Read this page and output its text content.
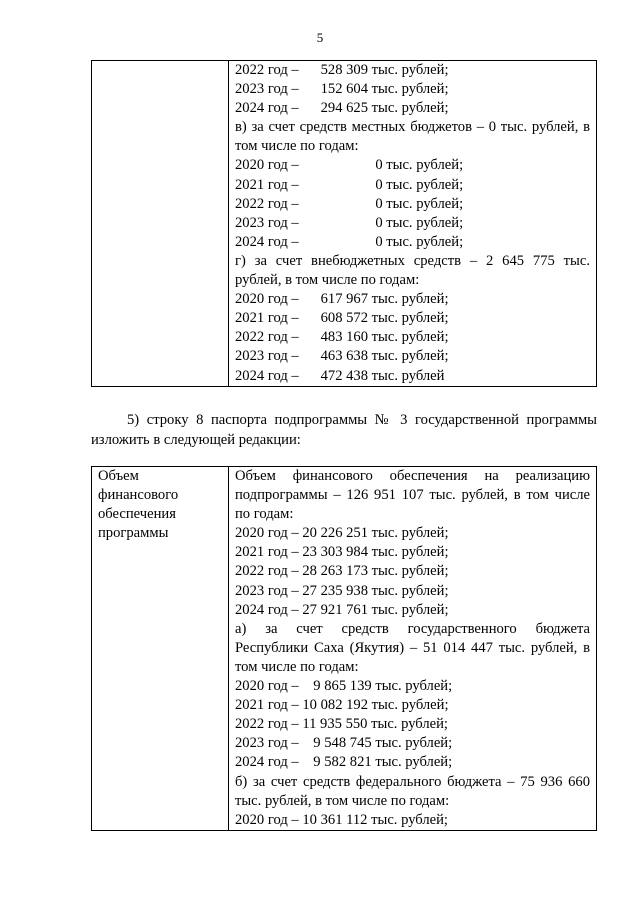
5

2022 год –      528 309 тыс. рублей;
2023 год –      152 604 тыс. рублей;
2024 год –      294 625 тыс. рублей;
в) за счет средств местных бюджетов – 0 тыс. рублей, в
том числе по годам:
2020 год –                     0 тыс. рублей;
2021 год –                     0 тыс. рублей;
2022 год –                     0 тыс. рублей;
2023 год –                     0 тыс. рублей;
2024 год –                     0 тыс. рублей;
г) за счет внебюджетных средств – 2 645 775 тыс.
рублей, в том числе по годам:
2020 год –      617 967 тыс. рублей;
2021 год –      608 572 тыс. рублей;
2022 год –      483 160 тыс. рублей;
2023 год –      463 638 тыс. рублей;
2024 год –      472 438 тыс. рублей
5) строку 8 паспорта подпрограммы № 3 государственной программы
изложить в следующей редакции:
Объем
финансового
обеспечения
программы

Объем финансового обеспечения на реализацию
подпрограммы – 126 951 107 тыс. рублей, в том числе
по годам:
2020 год – 20 226 251 тыс. рублей;
2021 год – 23 303 984 тыс. рублей;
2022 год – 28 263 173 тыс. рублей;
2023 год – 27 235 938 тыс. рублей;
2024 год – 27 921 761 тыс. рублей;
а) за счет средств государственного бюджета
Республики Саха (Якутия) – 51 014 447 тыс. рублей, в
том числе по годам:
2020 год –    9 865 139 тыс. рублей;
2021 год – 10 082 192 тыс. рублей;
2022 год – 11 935 550 тыс. рублей;
2023 год –    9 548 745 тыс. рублей;
2024 год –    9 582 821 тыс. рублей;
б) за счет средств федерального бюджета – 75 936 660
тыс. рублей, в том числе по годам:
2020 год – 10 361 112 тыс. рублей;
